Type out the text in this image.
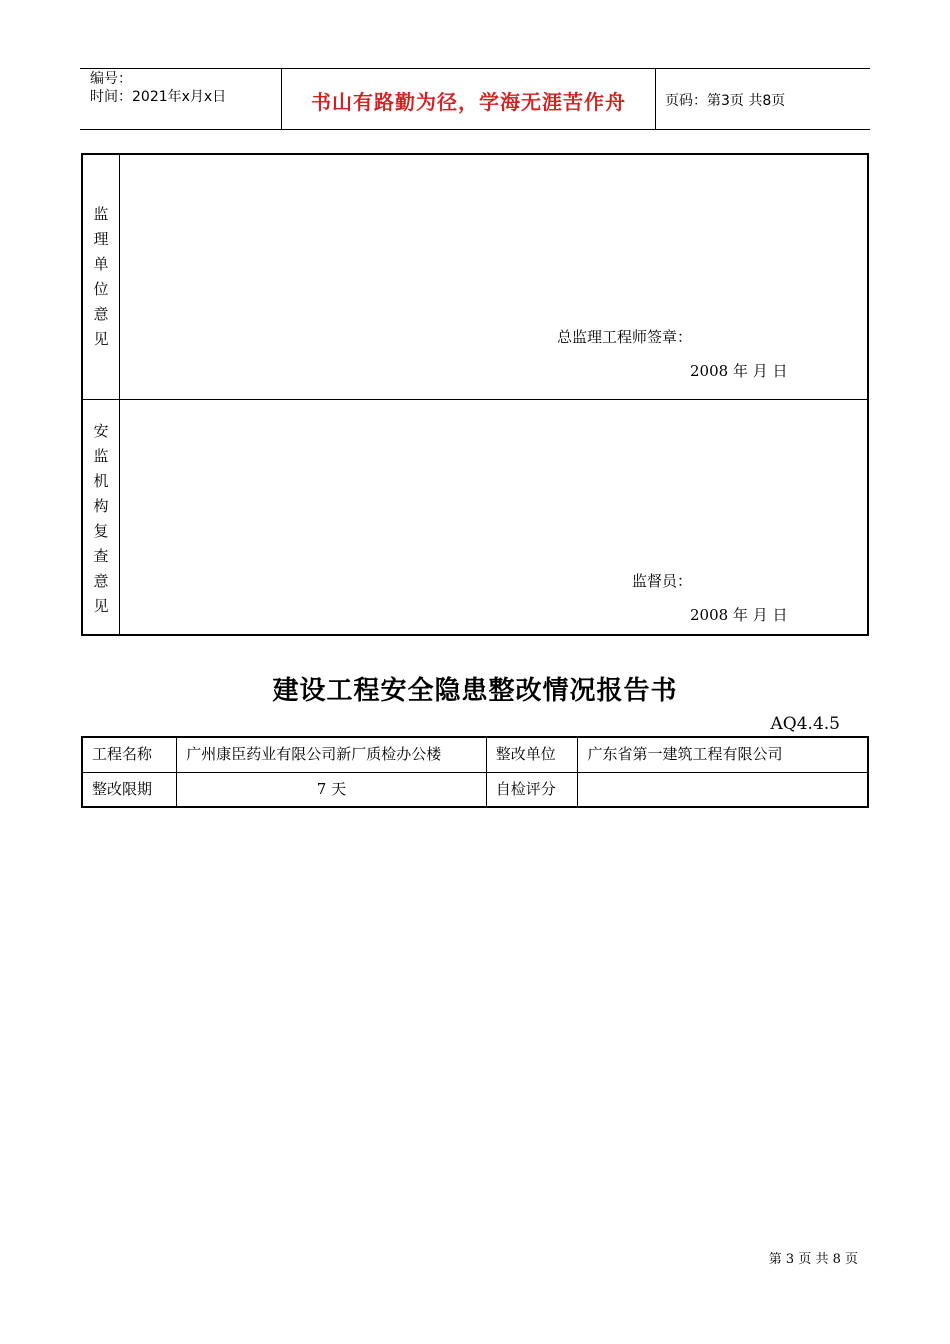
编号：
时间：2021年x月x日	书山有路勤为径，学海无涯苦作舟	页码：第3页 共8页
监
理
单
位
意
见	总监理工程师签章：
2008 年 月 日
安
监
机
构
复
查
意
见
监督员：
2008 年 月 日
建设工程安全隐患整改情况报告书
AQ4.4.5
工程名称	广州康臣药业有限公司新厂质检办公楼	整改单位	广东省第一建筑工程有限公司
整改限期	7 天	自检评分	
第 3 页 共 8 页
